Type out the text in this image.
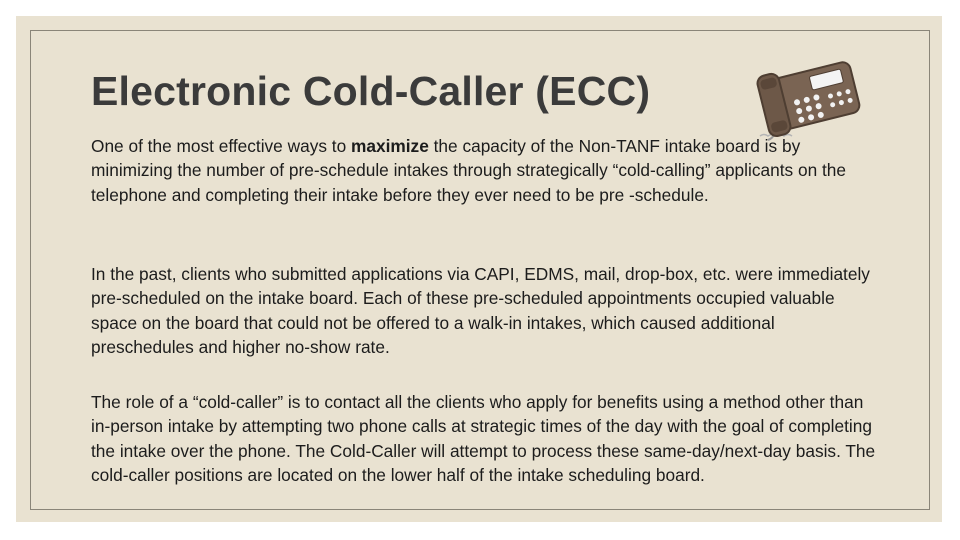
Electronic Cold-Caller (ECC)

One of the most effective ways to maximize the capacity of the Non-TANF intake board is by minimizing the number of pre-schedule intakes through strategically “cold-calling” applicants on the telephone and completing their intake before they ever need to be pre -schedule.

In the past, clients who submitted applications via CAPI, EDMS, mail, drop-box, etc. were immediately pre-scheduled on the intake board. Each of these pre-scheduled appointments occupied valuable space on the board that could not be offered to a walk-in intakes, which caused additional preschedules and higher no-show rate.

The role of a “cold-caller” is to contact all the clients who apply for benefits using a method other than in-person intake by attempting two phone calls at strategic times of the day with the goal of completing the intake over the phone. The Cold-Caller will attempt to process these same-day/next-day basis. The cold-caller positions are located on the lower half of the intake scheduling board.
